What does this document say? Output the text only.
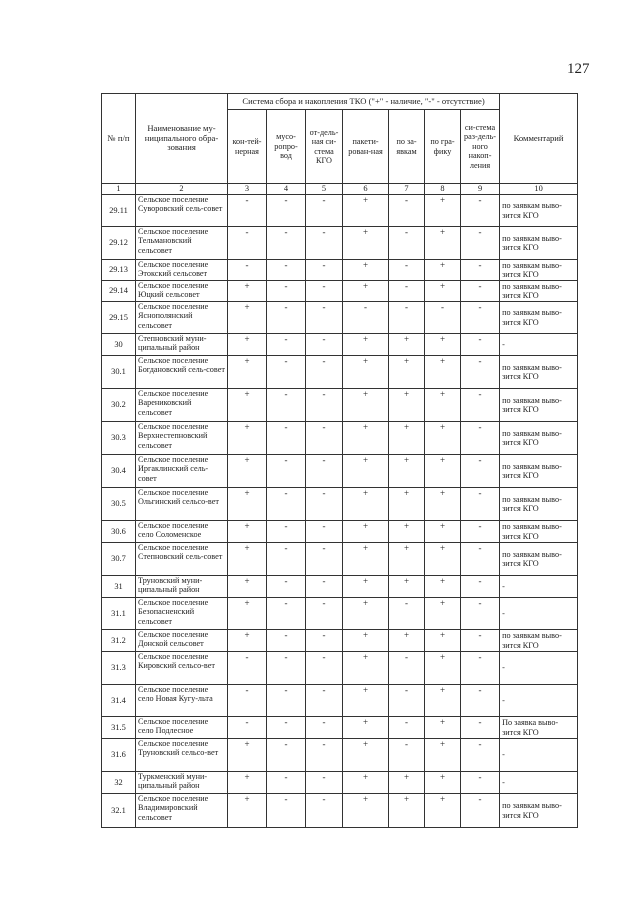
127
№ п/п	Наименование му-ниципального обра-зования	Система сбора и накопления ТКО ("+" - наличие, "-" - отсутствие)							Комментарий
		кон-тей-нерная	мусо-ропро-вод	от-дель-ная си-стема КГО	пакети-рован-ная	по за-явкам	по гра-фику	си-стема раз-дель-ного накоп-ления	
1	2	3	4	5	6	7	8	9	10
29.11	Сельское поселение Суворовский сель-совет	-	-	-	+	-	+	-	по заявкам выво-зится КГО
29.12	Сельское поселение Тельмановский сельсовет	-	-	-	+	-	+	-	по заявкам выво-зится КГО
29.13	Сельское поселение Этокский сельсовет	-	-	-	+	-	+	-	по заявкам выво-зится КГО
29.14	Сельское поселение Юцкий сельсовет	+	-	-	+	-	+	-	по заявкам выво-зится КГО
29.15	Сельское поселение Яснополянский сельсовет	+	-	-	-	-	-	-	по заявкам выво-зится КГО
30	Степновский муни-ципальный район	+	-	-	+	+	+	-	-
30.1	Сельское поселение Богдановский сель-совет	+	-	-	+	+	+	-	по заявкам выво-зится КГО
30.2	Сельское поселение Варениковский сельсовет	+	-	-	+	+	+	-	по заявкам выво-зится КГО
30.3	Сельское поселение Верхнестепновский сельсовет	+	-	-	+	+	+	-	по заявкам выво-зится КГО
30.4	Сельское поселение Иргаклинский сель-совет	+	-	-	+	+	+	-	по заявкам выво-зится КГО
30.5	Сельское поселение Ольгинский сельсо-вет	+	-	-	+	+	+	-	по заявкам выво-зится КГО
30.6	Сельское поселение село Соломенское	+	-	-	+	+	+	-	по заявкам выво-зится КГО
30.7	Сельское поселение Степновский сель-совет	+	-	-	+	+	+	-	по заявкам выво-зится КГО
31	Труновский муни-ципальный район	+	-	-	+	+	+	-	-
31.1	Сельское поселение Безопасненский сельсовет	+	-	-	+	-	+	-	-
31.2	Сельское поселение Донской сельсовет	+	-	-	+	+	+	-	по заявкам выво-зится КГО
31.3	Сельское поселение Кировский сельсо-вет	-	-	-	+	-	+	-	-
31.4	Сельское поселение село Новая Кугу-льта	-	-	-	+	-	+	-	-
31.5	Сельское поселение село Подлесное	-	-	-	+	-	+	-	По заявка выво-зится КГО
31.6	Сельское поселение Труновский сельсо-вет	+	-	-	+	-	+	-	-
32	Туркменский муни-ципальный район	+	-	-	+	+	+	-	-
32.1	Сельское поселение Владимировский сельсовет	+	-	-	+	+	+	-	по заявкам выво-зится КГО
